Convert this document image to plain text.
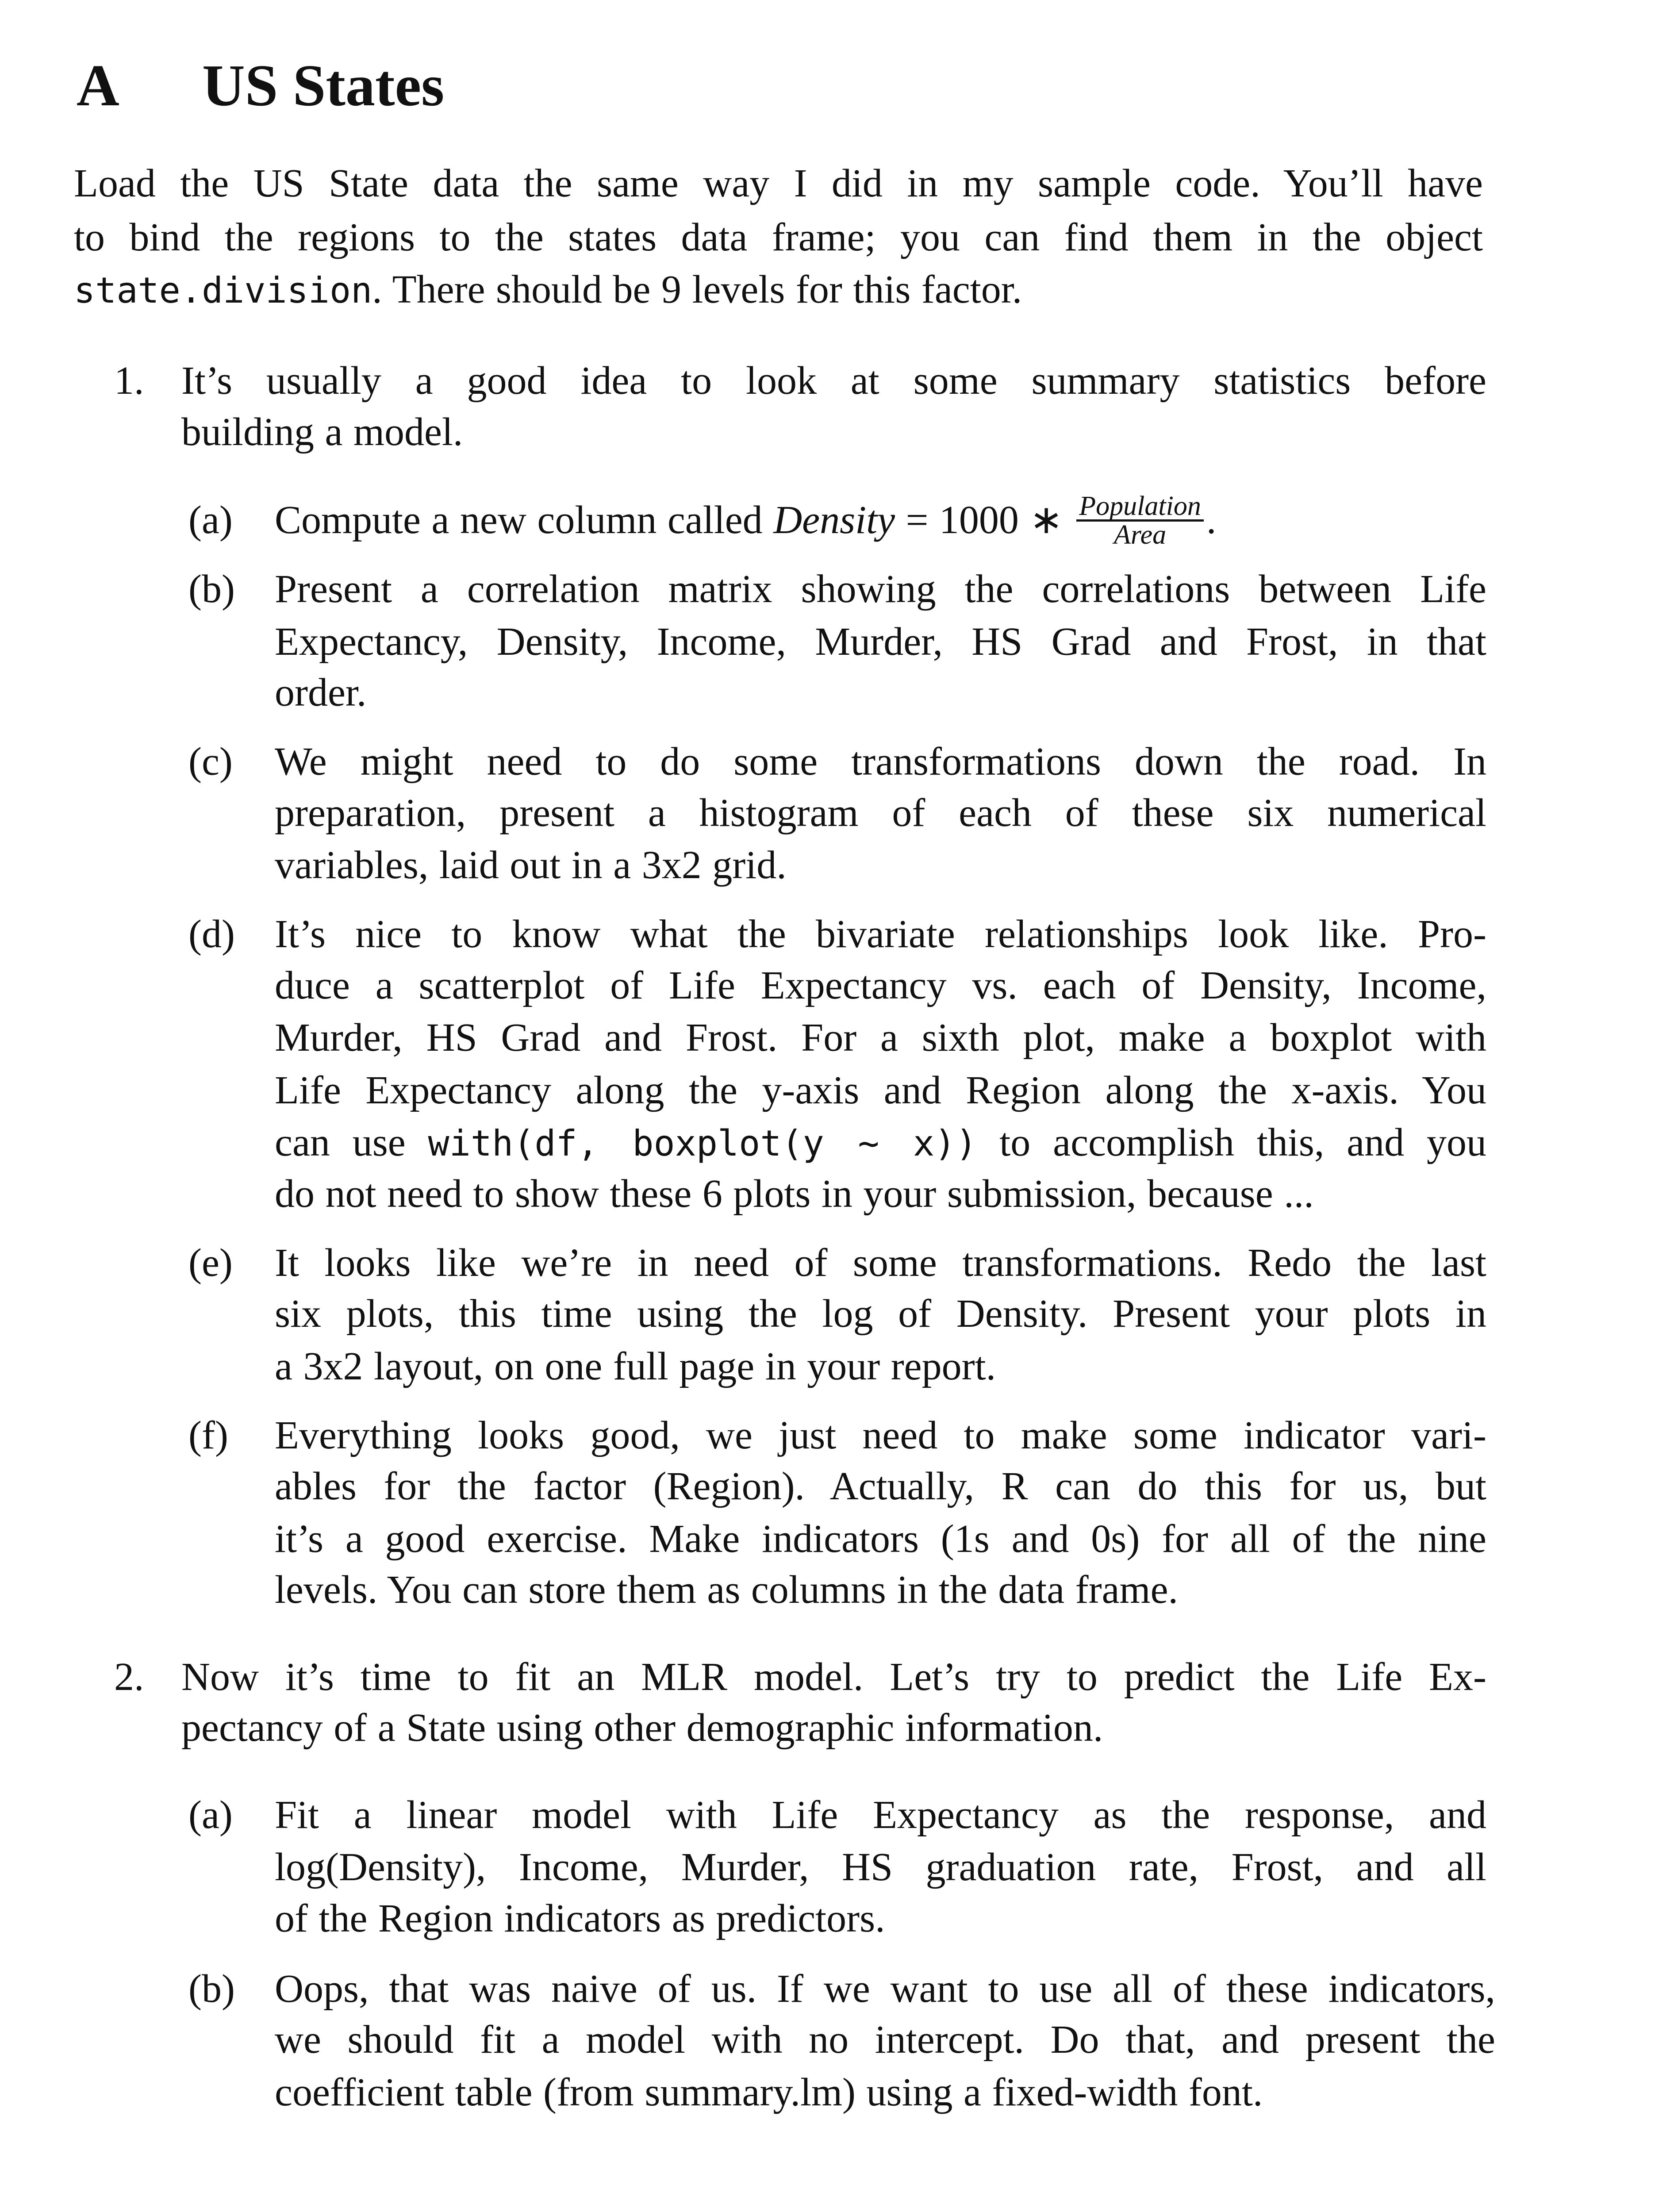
A US States
Load the US State data the same way I did in my sample code. You’ll have
to bind the regions to the states data frame; you can find them in the object
state.division. There should be 9 levels for this factor.
1. It’s usually a good idea to look at some summary statistics before
building a model.
(a) Compute a new column called Density = 1000 ∗ $\frac{\text{Population}}{\text{Area}}$ .
(b) Present a correlation matrix showing the correlations between Life
Expectancy, Density, Income, Murder, HS Grad and Frost, in that
order.
(c) We might need to do some transformations down the road. In
preparation, present a histogram of each of these six numerical
variables, laid out in a 3x2 grid.
(d) It’s nice to know what the bivariate relationships look like. Pro-
duce a scatterplot of Life Expectancy vs. each of Density, Income,
Murder, HS Grad and Frost. For a sixth plot, make a boxplot with
Life Expectancy along the y-axis and Region along the x-axis. You
can use with(df, boxplot(y ∼ x)) to accomplish this, and you
do not need to show these 6 plots in your submission, because ...
(e) It looks like we’re in need of some transformations. Redo the last
six plots, this time using the log of Density. Present your plots in
a 3x2 layout, on one full page in your report.
(f) Everything looks good, we just need to make some indicator vari-
ables for the factor (Region). Actually, R can do this for us, but
it’s a good exercise. Make indicators (1s and 0s) for all of the nine
levels. You can store them as columns in the data frame.
2. Now it’s time to fit an MLR model. Let’s try to predict the Life Ex-
pectancy of a State using other demographic information.
(a) Fit a linear model with Life Expectancy as the response, and
log(Density), Income, Murder, HS graduation rate, Frost, and all
of the Region indicators as predictors.
(b) Oops, that was naive of us. If we want to use all of these indicators,
we should fit a model with no intercept. Do that, and present the
coefficient table (from summary.lm) using a fixed-width font.
